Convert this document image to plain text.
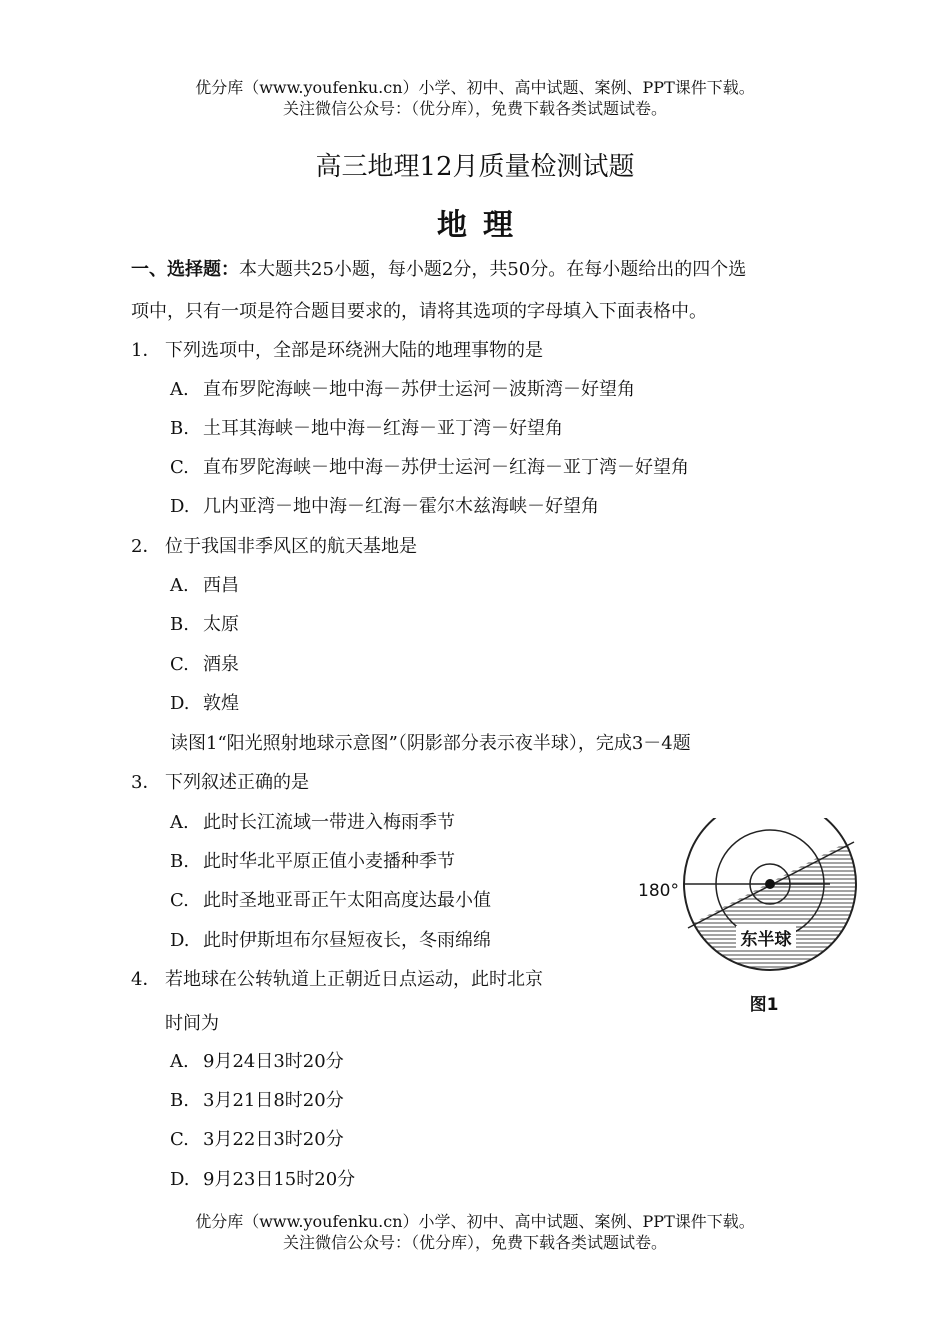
优分库（www.youfenku.cn）小学、初中、高中试题、案例、PPT课件下载。
关注微信公众号：（优分库），免费下载各类试题试卷。
高三地理12月质量检测试题
地理
一、选择题：本大题共25小题，每小题2分，共50分。在每小题给出的四个选
项中，只有一项是符合题目要求的，请将其选项的字母填入下面表格中。
1． 下列选项中，全部是环绕洲大陆的地理事物的是
A. 直布罗陀海峡－地中海－苏伊士运河－波斯湾－好望角
B. 土耳其海峡－地中海－红海－亚丁湾－好望角
C. 直布罗陀海峡－地中海－苏伊士运河－红海－亚丁湾－好望角
D. 几内亚湾－地中海－红海－霍尔木兹海峡－好望角
2． 位于我国非季风区的航天基地是
A. 西昌
B. 太原
C. 酒泉
D. 敦煌
读图1“阳光照射地球示意图”（阴影部分表示夜半球），完成3－4题
3． 下列叙述正确的是
A. 此时长江流域一带进入梅雨季节
B. 此时华北平原正值小麦播种季节
C. 此时圣地亚哥正午太阳高度达最小值
D. 此时伊斯坦布尔昼短夜长，冬雨绵绵
4． 若地球在公转轨道上正朝近日点运动，此时北京
时间为
A. 9月24日3时20分
B. 3月21日8时20分
C. 3月22日3时20分
D. 9月23日15时20分
东半球
180°
图1
优分库（www.youfenku.cn）小学、初中、高中试题、案例、PPT课件下载。
关注微信公众号：（优分库），免费下载各类试题试卷。
